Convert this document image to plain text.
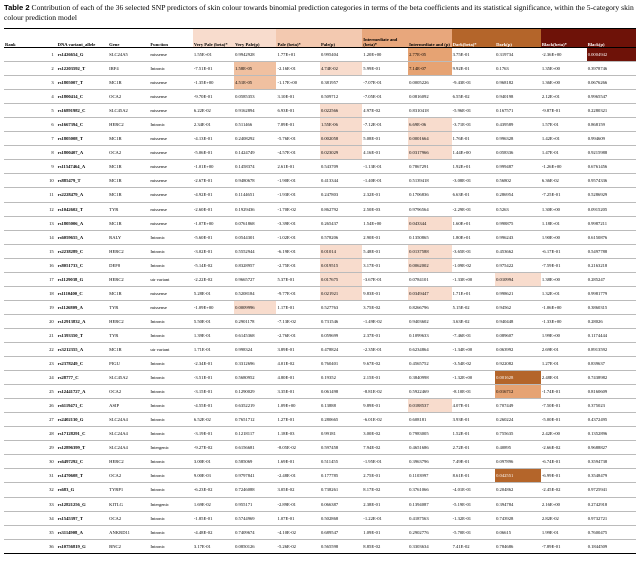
Table 2 Contribution of each of the 36 selected SNP predictors of skin colour towards binomial prediction categories in terms of the beta coefficients and its statistical significance, within the 5-category skin colour prediction model
Rank	DNA variant_allele	Gene	Function	Very Pale (beta)*	Very Pale(p)	Pale (beta)*	Pale(p)	Intermediate and (beta)*	Intermediate and (p)	Dark(beta)*	Dark(p)	Black(beta)*	Black(p)
1	rs1426654_G	SLC24A5	missense	1.55E+01	0.9942928	1.77E+01	0.995404	1.20E+00	2.77E-05	3.75E-01	0.319734	-2.36E+00	0.0004942
2	rs12203592_T	IRF4	Intronic	-7.51E-01	1.58E-05	-2.16E-01	4.74E-02	5.99E-01	7.14E-07	9.92E-01	0.1763	1.35E+00	0.3978746
3	rs1805007_T	MC1R	missense	-1.35E+00	4.51E-05	-1.17E+00	0.381957	-7.07E-01	0.0005226	-9.43E-01	0.968182	1.36E+00	0.0676266
4	rs1800414_C	OCA2	missense	-9.70E-01	0.0585353	3.10E-01	0.509712	-7.05E-01	0.0816092	6.55E-02	0.940198	2.12E+01	0.9965547
5	rs16891982_C	SLC45A2	missense	6.22E-02	0.9162894	6.93E-01	0.022566	4.97E-02	0.8310418	-5.96E-01	0.167571	-9.87E-01	0.2280321
6	rs1667394_C	HERC2	Intronic	2.34E-01	0.511466	7.89E-01	1.55E-06	-7.12E-01	6.69E-06	-3.71E-01	0.439589	1.57E-01	0.868159
7	rs1805008_T	MC1R	missense	-4.13E-01	0.2408292	-5.76E-01	0.002058	5.08E-01	0.0001664	1.76E-01	0.996328	1.42E+01	0.994609
8	rs1800407_A	OCA2	missense	-5.06E-01	0.1424749	-4.57E-01	0.023029	4.16E-01	0.0317966	1.44E+00	0.058336	1.47E-01	0.9215988
9	rs11547464_A	MC1R	missense	-1.01E+00	0.1458374	2.61E-01	0.543709	-1.13E-01	0.7867291	1.92E+01	0.999487	-1.26E+00	0.6761456
10	rs885479_T	MC1R	missense	-2.67E-01	0.9480678	-1.90E-01	0.413344	-1.40E-01	0.5139418	-3.08E-01	0.56802	6.36E-02	0.9574336
11	rs2228479_A	MC1R	missense	-4.92E-01	0.1144651	-1.93E-01	0.247803	2.32E-01	0.1706836	6.63E-01	0.286954	-7.25E-01	0.5286929
12	rs1042602_T	TYR	missense	-2.60E-01	0.1929436	-1.70E-02	0.862792	2.50E-03	0.9796564	-2.29E-01	0.5263	1.30E+00	0.0915205
13	rs1805006_A	MC1R	missense	-1.07E+00	0.0761868	-3.39E-01	0.265437	1.54E+00	0.043344	1.60E+01	0.998875	1.18E+01	0.9987211
14	rs6059655_A	RALY	Intronic	-5.60E-01	0.0544301	-1.02E-01	0.578206	2.90E-01	0.1350865	1.80E+01	0.996243	1.90E+00	0.6150876
15	rs2238289_C	HERC2	Intronic	-3.02E-01	0.5552944	-6.19E-01	0.01014	5.48E-01	0.0137588	-3.65E-01	0.453662	-6.17E-01	0.5497788
16	rs8051733_C	DEF8	Intronic	-5.14E-02	0.8328957	-2.75E-01	0.019515	3.17E-01	0.0062002	-1.09E-02	0.975422	-7.59E-01	0.2163218
17	rs1129038_G	HERC2	utr variant	-2.22E-02	0.9665727	5.37E-01	0.017675	-3.67E-01	0.0784101	-1.33E+00	0.010994	1.38E+00	0.285247
18	rs1110400_C	MC1R	missense	5.28E-01	0.5208184	-9.77E-01	0.021921	9.83E-01	0.0349447	1.71E+01	0.998621	1.32E+01	0.9981779
19	rs1126809_A	TYR	missense	-1.09E+00	0.0009996	1.17E-01	0.527763	3.75E-02	0.8266796	5.15E-02	0.94562	-1.06E+00	0.3860315
20	rs12913832_A	HERC2	Intronic	5.50E-01	0.2901178	-7.13E-02	0.731546	-1.49E-02	0.9403602	3.63E-02	0.940448	-1.33E+00	0.28026
21	rs1393350_T	TYR	Intronic	1.39E-01	0.6145368	-2.76E-01	0.059699	2.37E-01	0.1099633	-7.46E-01	0.089607	1.99E+00	0.1174444
22	rs3212355_A	MC1R	utr variant	1.71E-01	0.998324	3.89E-01	0.478824	-2.35E-01	0.6234864	-1.34E+00	0.063992	2.69E-01	0.8913592
23	rs2378249_C	PIGU	Intronic	-2.34E-01	0.3312696	4.01E-02	0.760401	9.67E-02	0.4565752	-3.54E-02	0.922082	1.27E-01	0.839637
24	rs28777_C	SLC45A2	Intronic	-3.51E-01	0.5680952	4.80E-01	0.19352	2.15E-01	0.3840998	-1.32E+00	0.001628	2.48E-01	0.7438982
25	rs12441727_A	OCA2	Intronic	-3.15E-01	0.1290029	3.35E-01	0.061498	-8.81E-02	0.5922469	-8.10E-01	0.016712	-1.74E-01	0.8160609
26	rs6119471_C	ASIP	Intronic	-4.55E-01	0.6352219	1.09E+00	0.13888	9.89E-01	0.0188537	4.07E-01	0.707449	-7.50E-01	0.375023
27	rs2402130_G	SLC24A4	Intronic	6.52E-02	0.7651712	1.27E-01	0.280665	-6.01E-02	0.608181	3.93E-01	0.260224	-5.00E-01	0.4372495
28	rs17128291_C	SLC24A4	Intronic	-3.19E-01	0.1218117	1.18E-03	0.99181	3.00E-02	0.7983005	1.52E-01	0.755635	2.42E+00	0.1352896
29	rs12896399_T	SLC24A4	Intergenic	-9.27E-02	0.6156681	-8.05E-02	0.597458	7.94E-02	0.4651686	2.72E-01	0.40895	-2.66E-02	0.9688827
30	rs6497292_C	HERC2	Intronic	3.00E-01	0.585069	1.69E-01	0.511455	-1.95E-01	0.3963796	7.49E-01	0.097896	-6.74E-01	0.3594738
31	rs1470608_T	OCA2	Intronic	9.00E-03	0.9797841	-2.48E-01	0.177785	2.75E-01	0.1103997	8.61E-01	0.042551	-6.99E-01	0.3548479
32	rs683_G	TYRP1	Intronic	-6.23E-02	0.7246088	3.05E-02	0.738261	8.17E-02	0.3761066	-4.01E-01	0.204862	-2.45E-02	0.9725941
33	rs12821256_G	KITLG	Intergenic	1.69E-02	0.955171	-2.89E-01	0.066387	2.38E-01	0.1394087	-5.19E-01	0.394784	2.16E+00	0.2742918
34	rs1545397_T	OCA2	Intronic	-1.85E-01	0.5744969	1.07E-01	0.502868	-1.22E-01	0.4187563	-1.32E-01	0.743928	2.82E-02	0.9732721
35	rs3114908_A	ANKRD11	Intronic	-4.48E-02	0.7409674	-4.10E-02	0.689547	1.09E-01	0.2902776	-5.70E-01	0.06615	1.99E-01	0.7600475
36	rs10756819_G	BNC2	Intronic	3.17E-01	0.0850126	-5.26E-02	0.565598	8.85E-02	0.3303634	7.41E-02	0.784686	-7.89E-01	0.1844509
